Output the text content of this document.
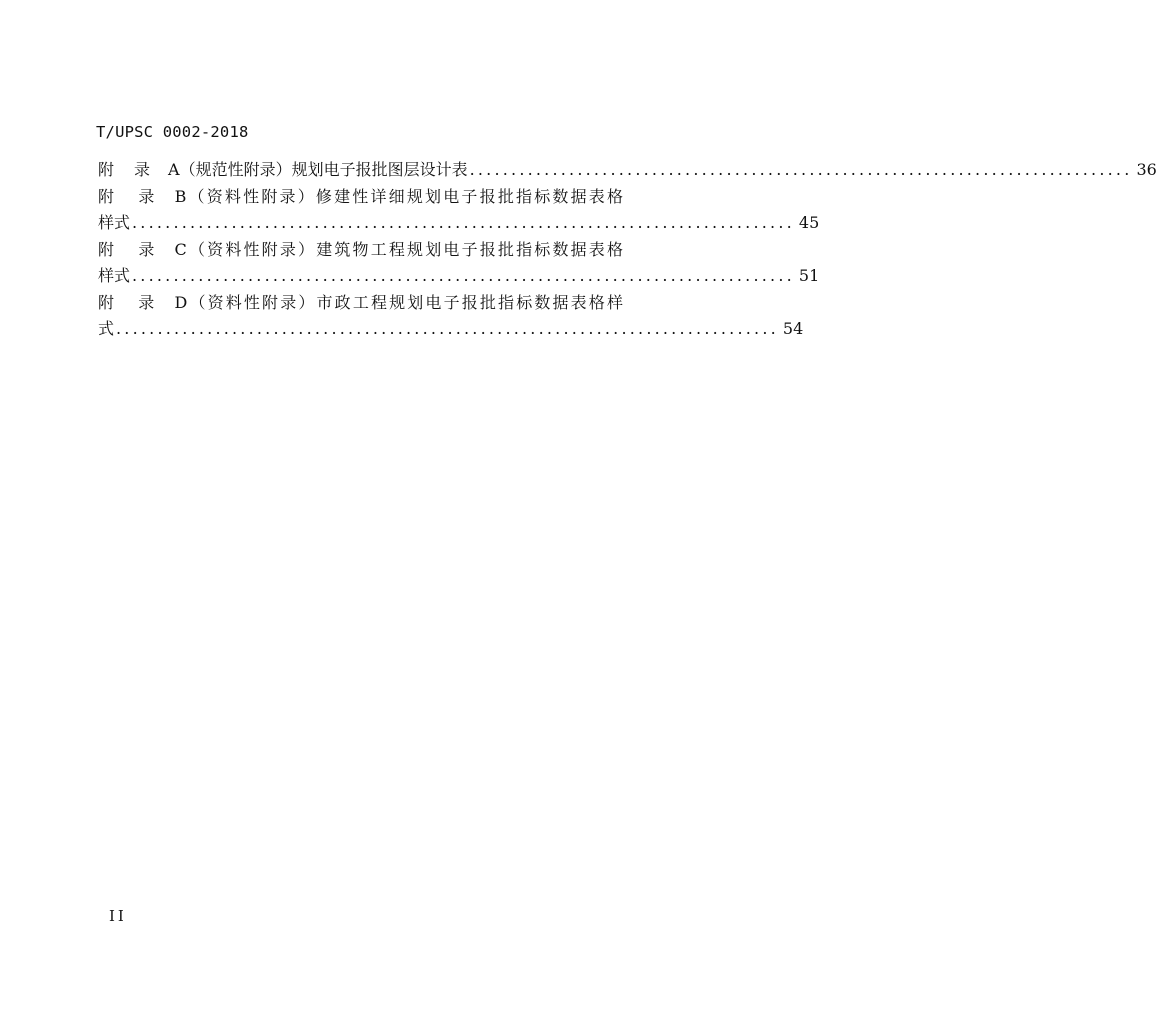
T/UPSC 0002-2018
附 录 A（规范性附录）规划电子报批图层设计表 ................................................................................ 36
附 录 B（资料性附录）修建性详细规划电子报批指标数据表格
样式 ................................................................................ 45
附 录 C（资料性附录）建筑物工程规划电子报批指标数据表格
样式 ................................................................................ 51
附 录 D（资料性附录）市政工程规划电子报批指标数据表格样
式 ................................................................................ 54
II
